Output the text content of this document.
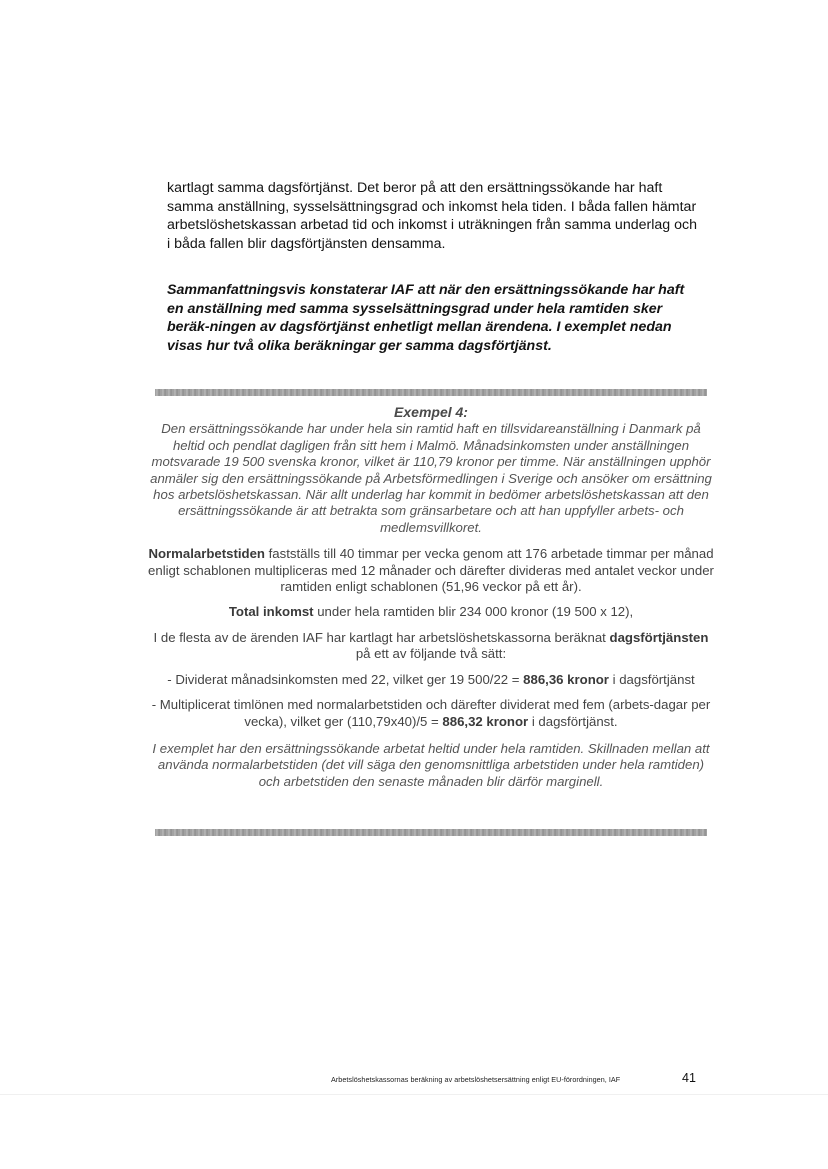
kartlagt samma dagsförtjänst. Det beror på att den ersättningssökande har haft samma anställning, sysselsättningsgrad och inkomst hela tiden. I båda fallen hämtar arbetslöshetskassan arbetad tid och inkomst i uträkningen från samma underlag och i båda fallen blir dagsförtjänsten densamma.

Sammanfattningsvis konstaterar IAF att när den ersättningssökande har haft en anställning med samma sysselsättningsgrad under hela ramtiden sker beräk-ningen av dagsförtjänst enhetligt mellan ärendena. I exemplet nedan visas hur två olika beräkningar ger samma dagsförtjänst.

Exempel 4:

Den ersättningssökande har under hela sin ramtid haft en tillsvidareanställning i Danmark på heltid och pendlat dagligen från sitt hem i Malmö. Månadsinkomsten under anställningen motsvarade 19 500 svenska kronor, vilket är 110,79 kronor per timme. När anställningen upphör anmäler sig den ersättningssökande på Arbetsförmedlingen i Sverige och ansöker om ersättning hos arbetslöshetskassan. När allt underlag har kommit in bedömer arbetslöshetskassan att den ersättningssökande är att betrakta som gränsarbetare och att han uppfyller arbets- och medlemsvillkoret.

Normalarbetstiden fastställs till 40 timmar per vecka genom att 176 arbetade timmar per månad enligt schablonen multipliceras med 12 månader och därefter divideras med antalet veckor under ramtiden enligt schablonen (51,96 veckor på ett år).

Total inkomst under hela ramtiden blir 234 000 kronor (19 500 x 12),

I de flesta av de ärenden IAF har kartlagt har arbetslöshetskassorna beräknat dagsförtjänsten på ett av följande två sätt:

- Dividerat månadsinkomsten med 22, vilket ger 19 500/22 = 886,36 kronor i dagsförtjänst

- Multiplicerat timlönen med normalarbetstiden och därefter dividerat med fem (arbets-dagar per vecka), vilket ger (110,79x40)/5 = 886,32 kronor i dagsförtjänst.

I exemplet har den ersättningssökande arbetat heltid under hela ramtiden. Skillnaden mellan att använda normalarbetstiden (det vill säga den genomsnittliga arbetstiden under hela ramtiden) och arbetstiden den senaste månaden blir därför marginell.

Arbetslöshetskassornas beräkning av arbetslöshetsersättning enligt EU-förordningen, IAF	41
